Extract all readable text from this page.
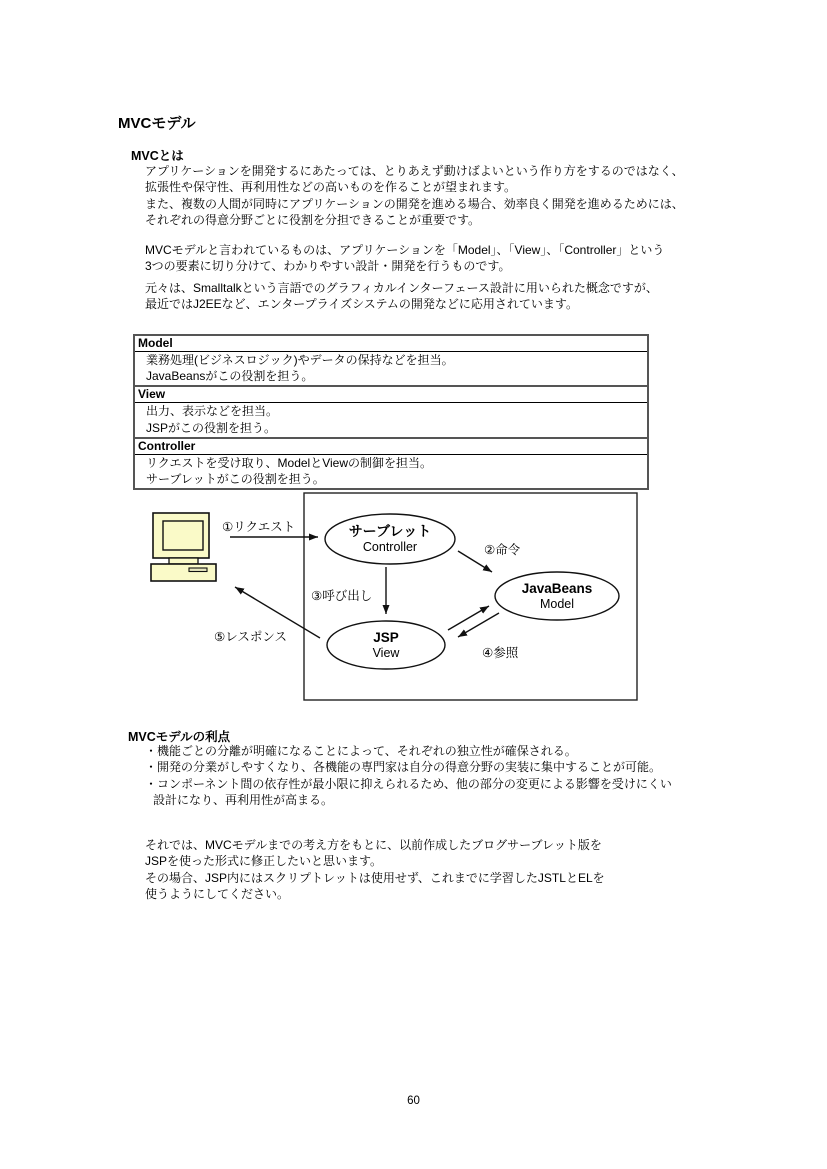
MVCモデル
MVCとは
アプリケーションを開発するにあたっては、とりあえず動けばよいという作り方をするのではなく、
拡張性や保守性、再利用性などの高いものを作ることが望まれます。
また、複数の人間が同時にアプリケーションの開発を進める場合、効率良く開発を進めるためには、
それぞれの得意分野ごとに役割を分担できることが重要です。
MVCモデルと言われているものは、アプリケーションを「Model」、「View」、「Controller」という
3つの要素に切り分けて、わかりやすい設計・開発を行うものです。
元々は、Smalltalkという言語でのグラフィカルインターフェース設計に用いられた概念ですが、
最近ではJ2EEなど、エンタープライズシステムの開発などに応用されています。
Model
業務処理(ビジネスロジック)やデータの保持などを担当。
JavaBeansがこの役割を担う。
View
出力、表示などを担当。
JSPがこの役割を担う。
Controller
リクエストを受け取り、ModelとViewの制御を担当。
サーブレットがこの役割を担う。
サーブレット
Controller
JavaBeans
Model
JSP
View
①リクエスト
②命令
③呼び出し
④参照
⑤レスポンス
MVCモデルの利点
・機能ごとの分離が明確になることによって、それぞれの独立性が確保される。
・開発の分業がしやすくなり、各機能の専門家は自分の得意分野の実装に集中することが可能。
・コンポーネント間の依存性が最小限に抑えられるため、他の部分の変更による影響を受けにくい
設計になり、再利用性が高まる。
それでは、MVCモデルまでの考え方をもとに、以前作成したブログサーブレット版を
JSPを使った形式に修正したいと思います。
その場合、JSP内にはスクリプトレットは使用せず、これまでに学習したJSTLとELを
使うようにしてください。
60
